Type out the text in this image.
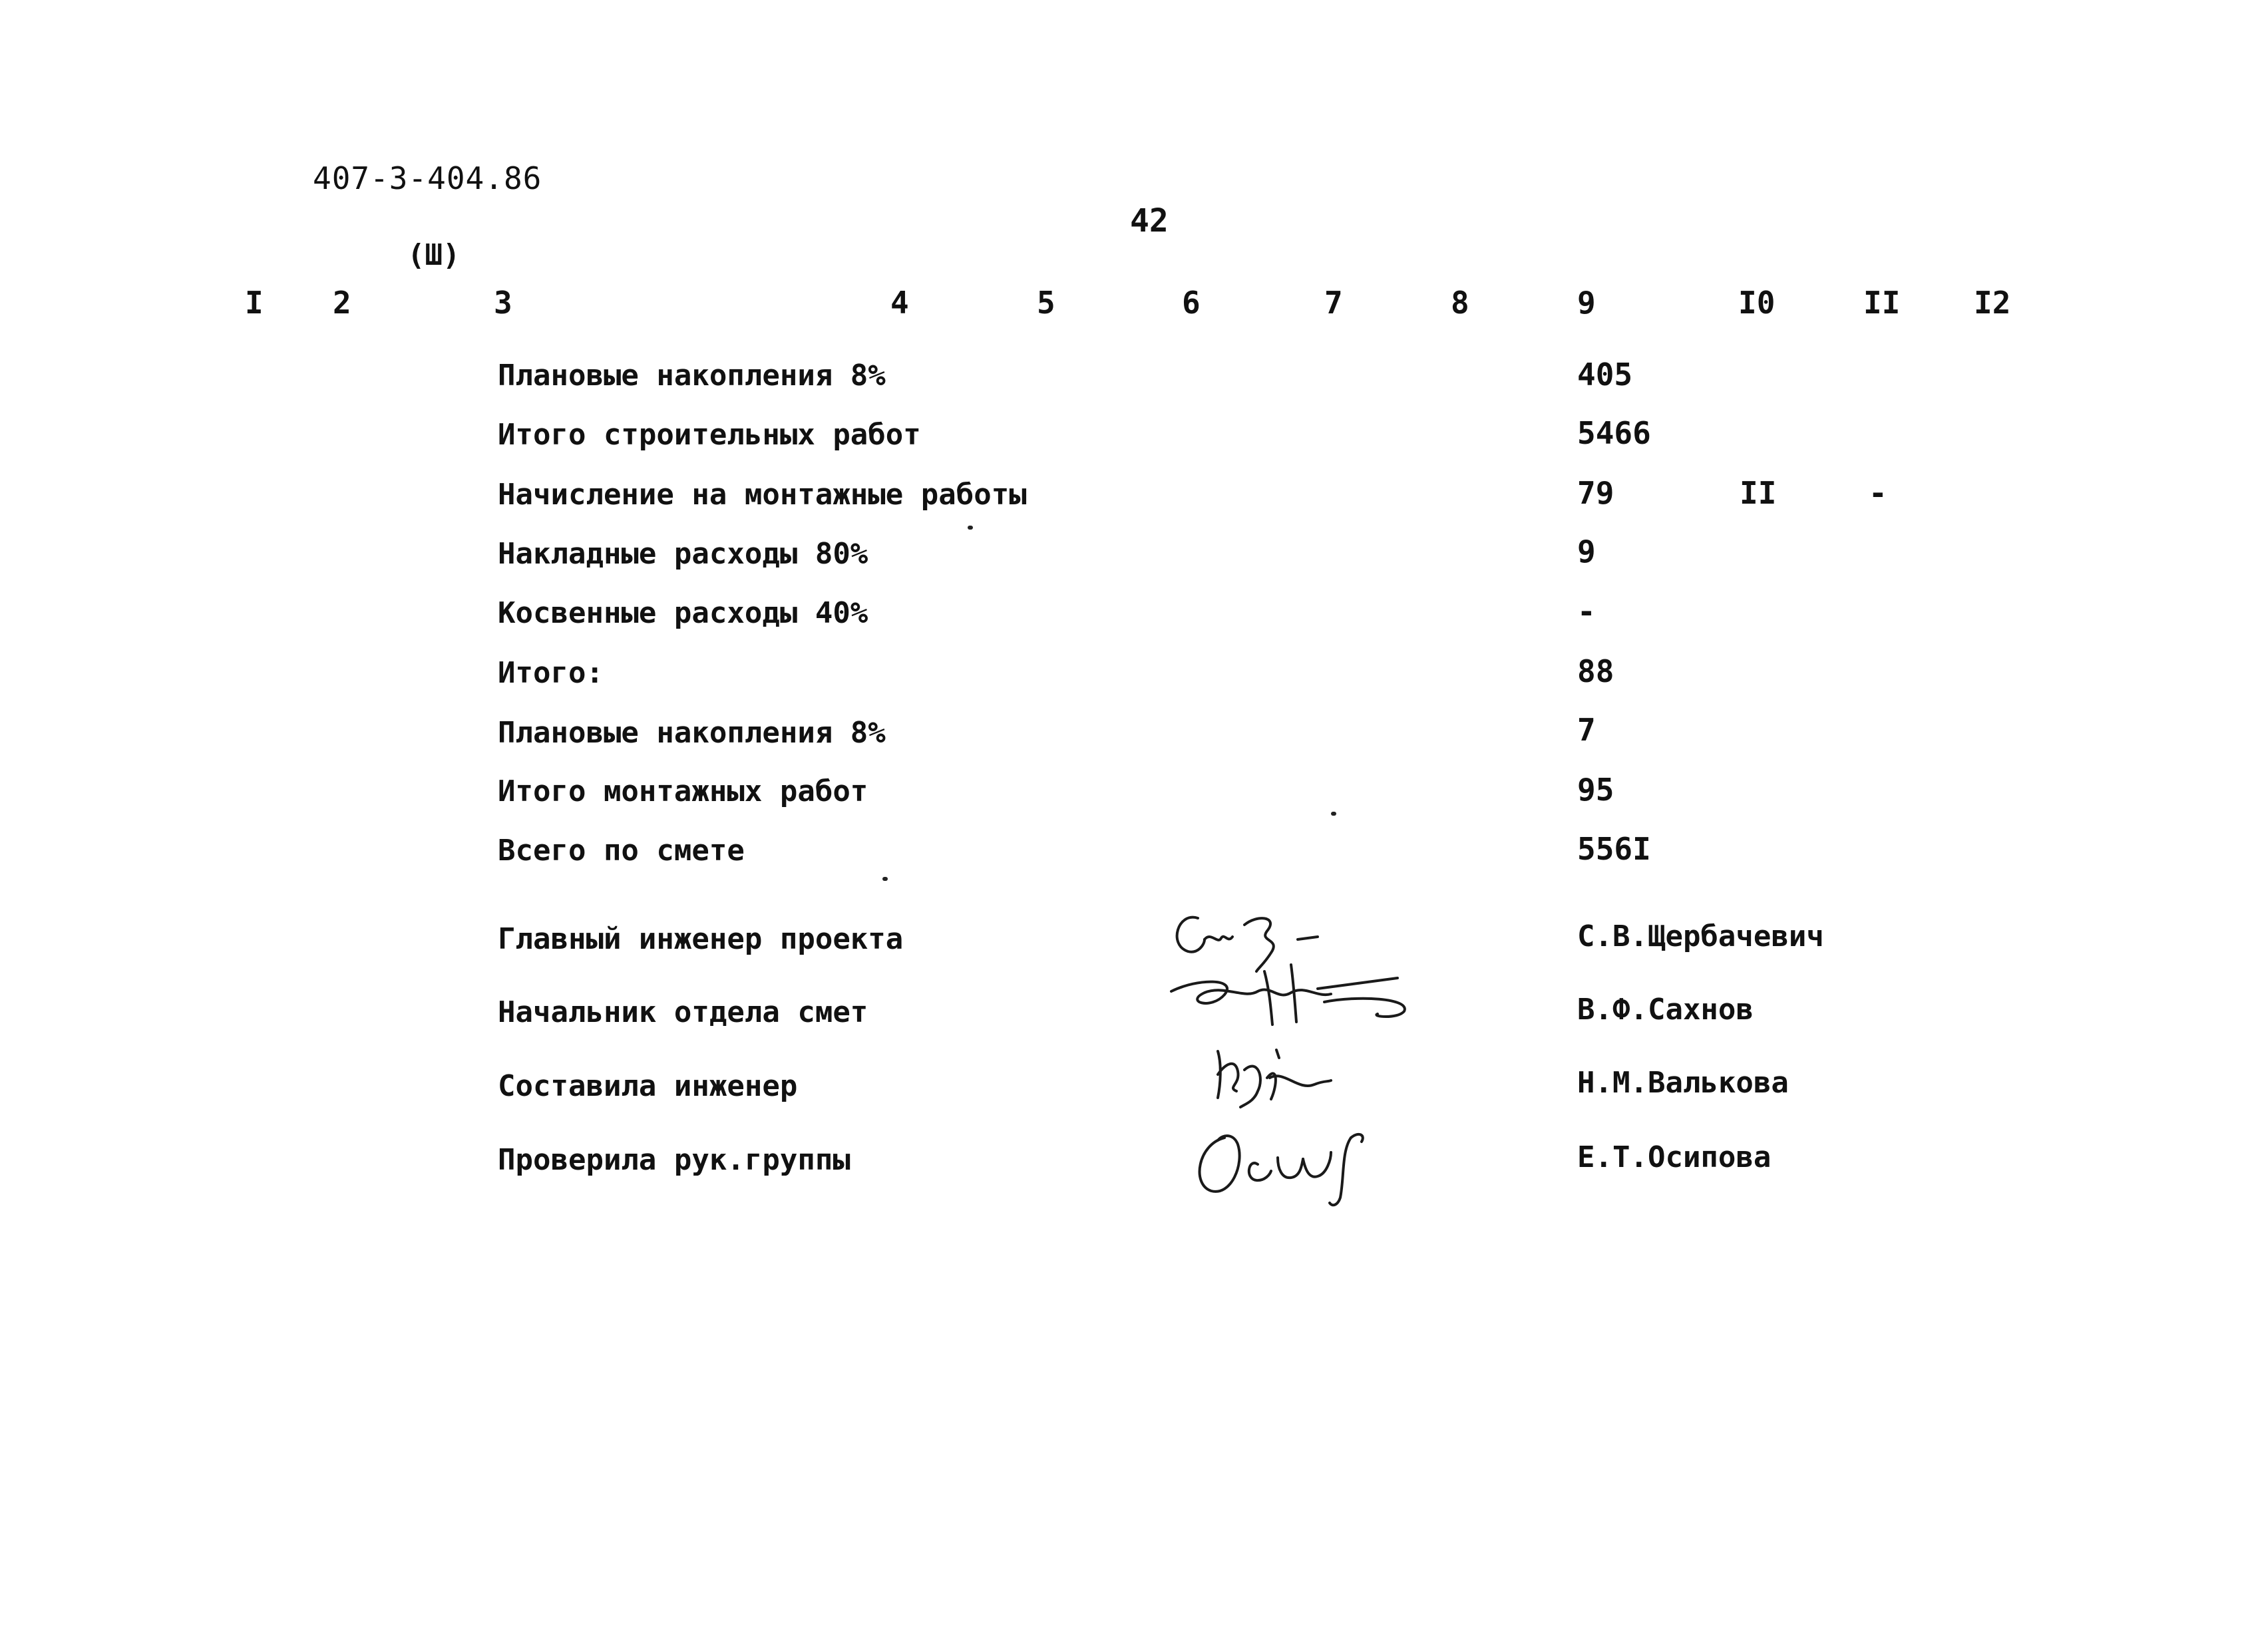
407-3-404.86
42
(Ш)
I 2	3	4	5	6	7	8	9	I0	II I2
Плановые накопления 8%	405
Итого строительных работ	5466
Начисление на монтажные работы	79	II	-
Накладные расходы 80%	9
Косвенные расходы 40%	-
Итого:	88
Плановые накопления 8%	7
Итого монтажных работ	95
Всего по смете	556I
Главный инженер проекта	С.В.Щербачевич
Начальник отдела смет	В.Ф.Сахнов
Составила инженер	Н.М.Валькова
Проверила рук.группы	Е.Т.Осипова
